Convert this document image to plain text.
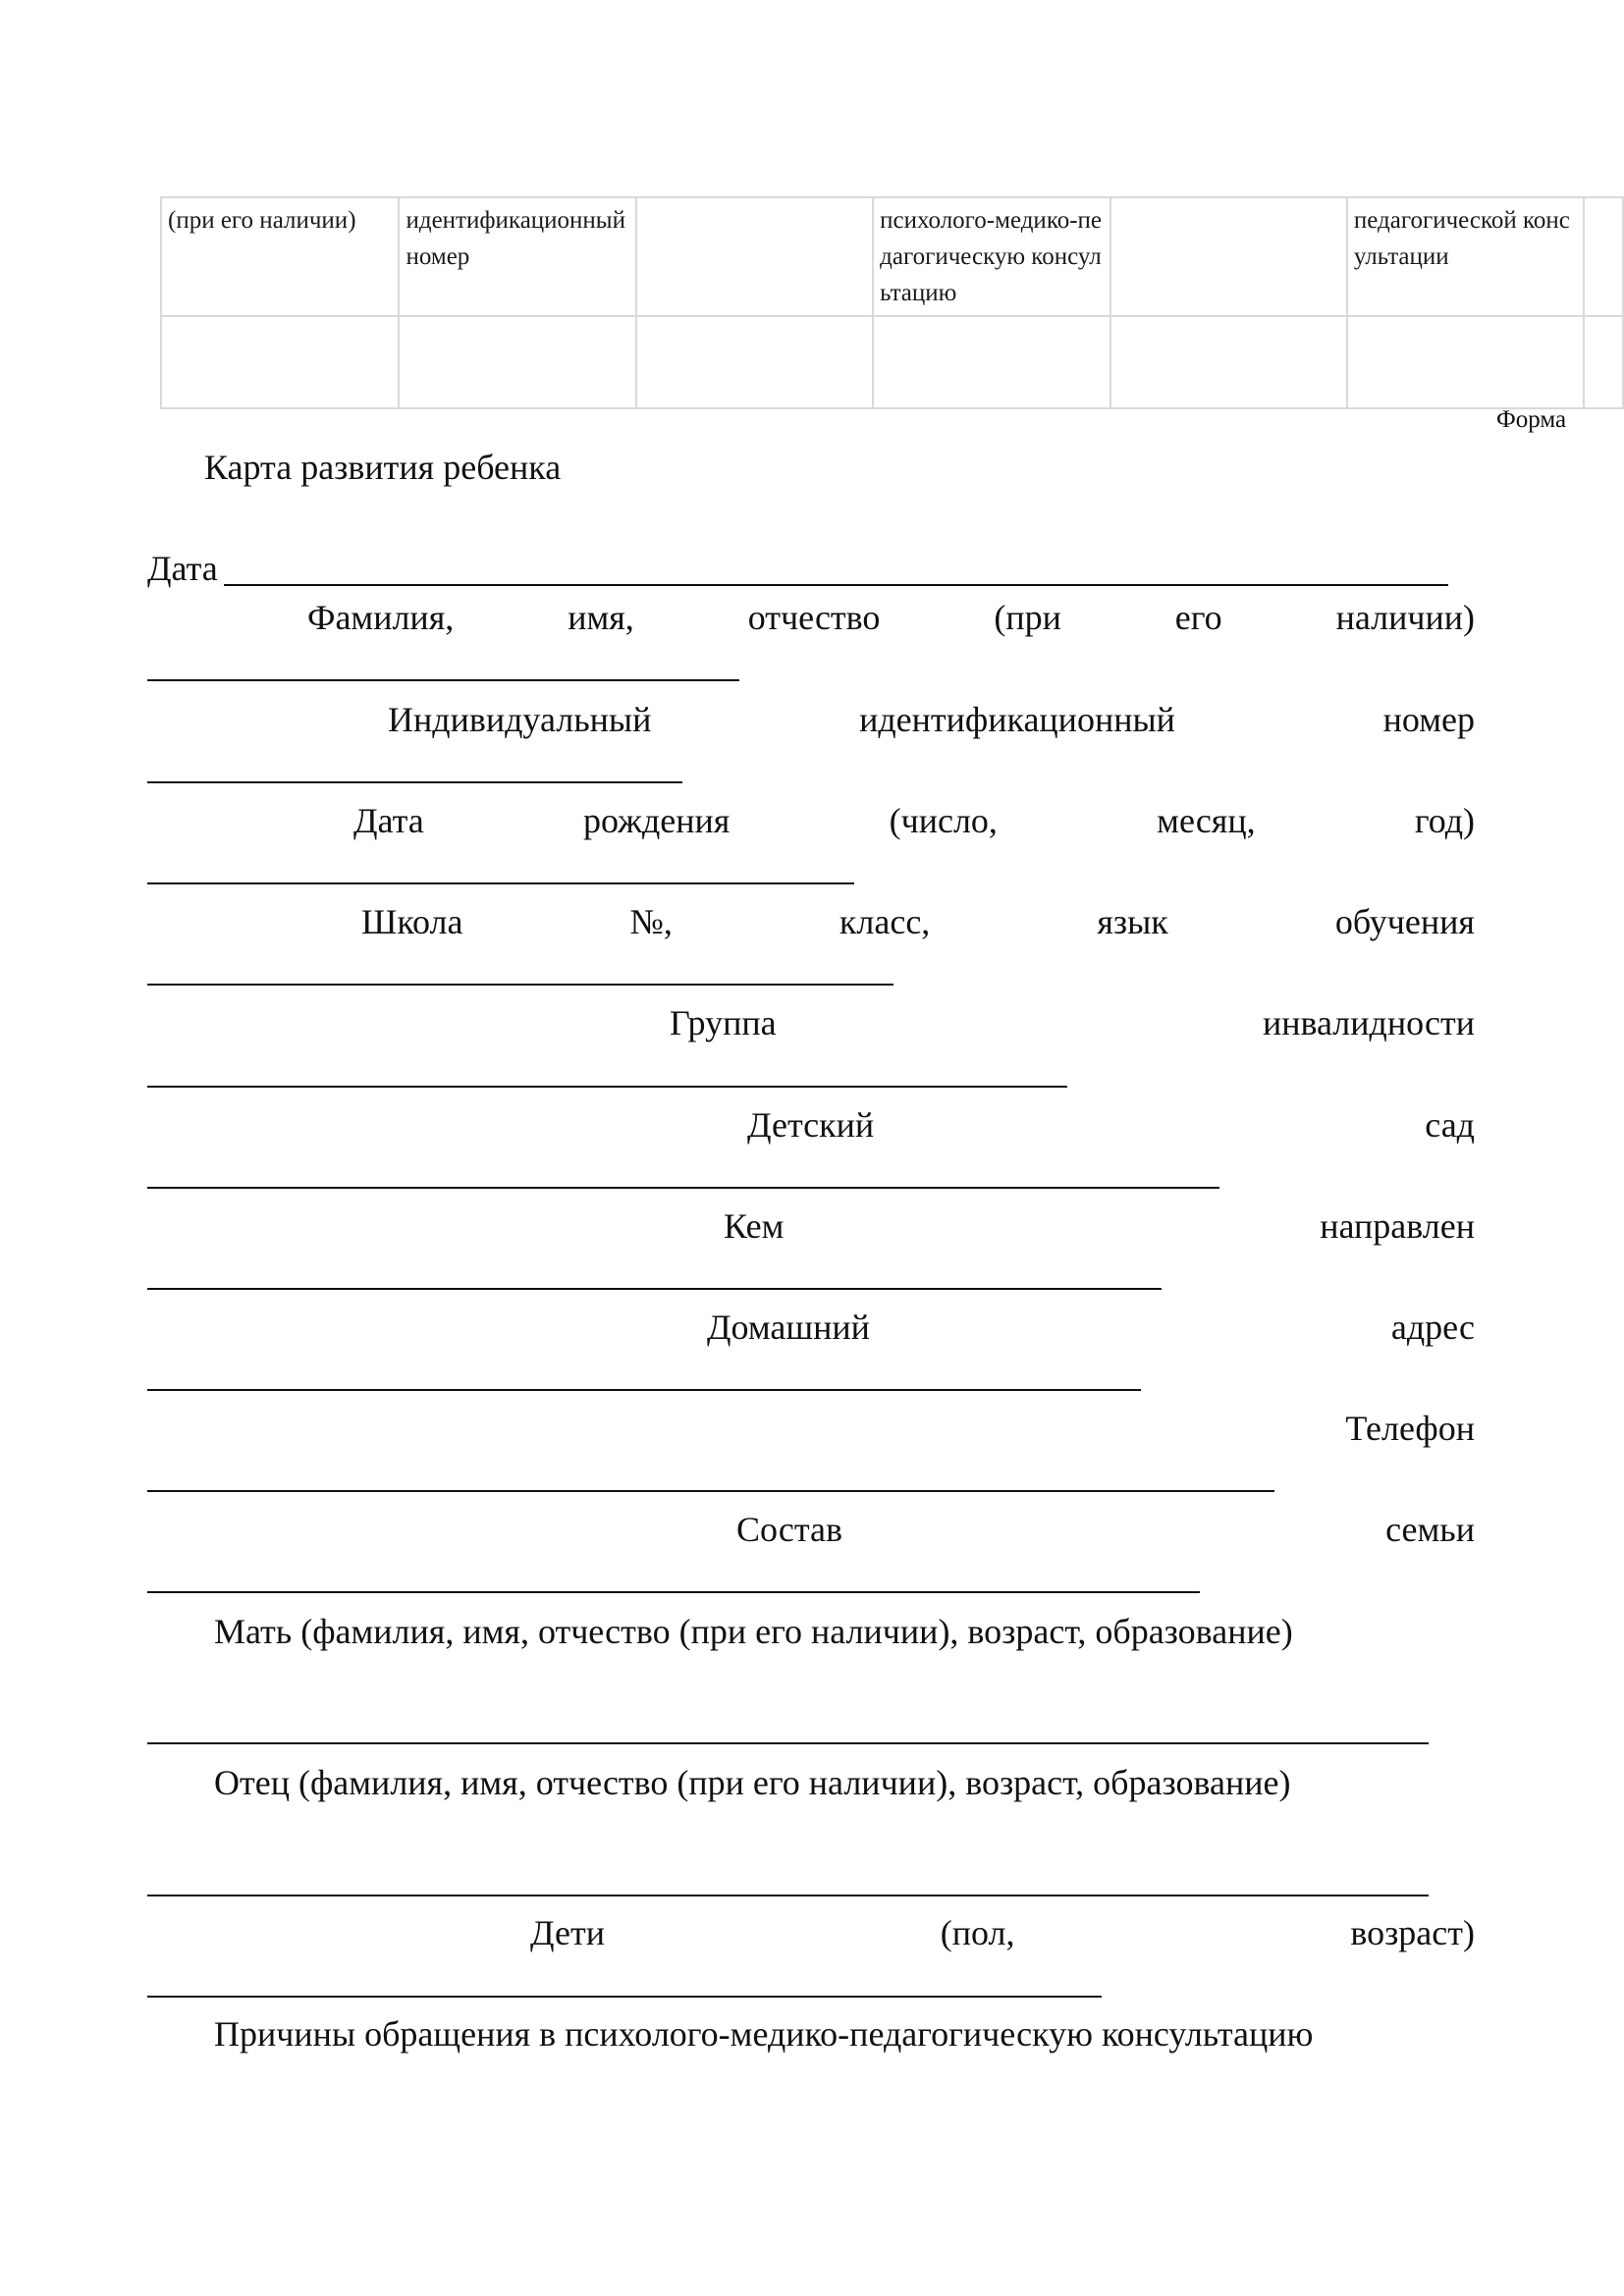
(при его наличии)	идентификационный номер		психолого-медико-педагогическую консультацию		педагогической консультации	

Форма
Карта развития ребенка
Дата
Фамилия,	имя,	отчество	(при	его	наличии)
Индивидуальный	идентификационный	номер
Дата	рождения	(число,	месяц,	год)
Школа	№,	класс,	язык	обучения
Группа	инвалидности
Детский	сад
Кем	направлен
Домашний	адрес
Телефон
Состав	семьи
Мать (фамилия, имя, отчество (при его наличии), возраст, образование)
Отец (фамилия, имя, отчество (при его наличии), возраст, образование)
Дети	(пол,	возраст)
Причины обращения в психолого-медико-педагогическую консультацию
